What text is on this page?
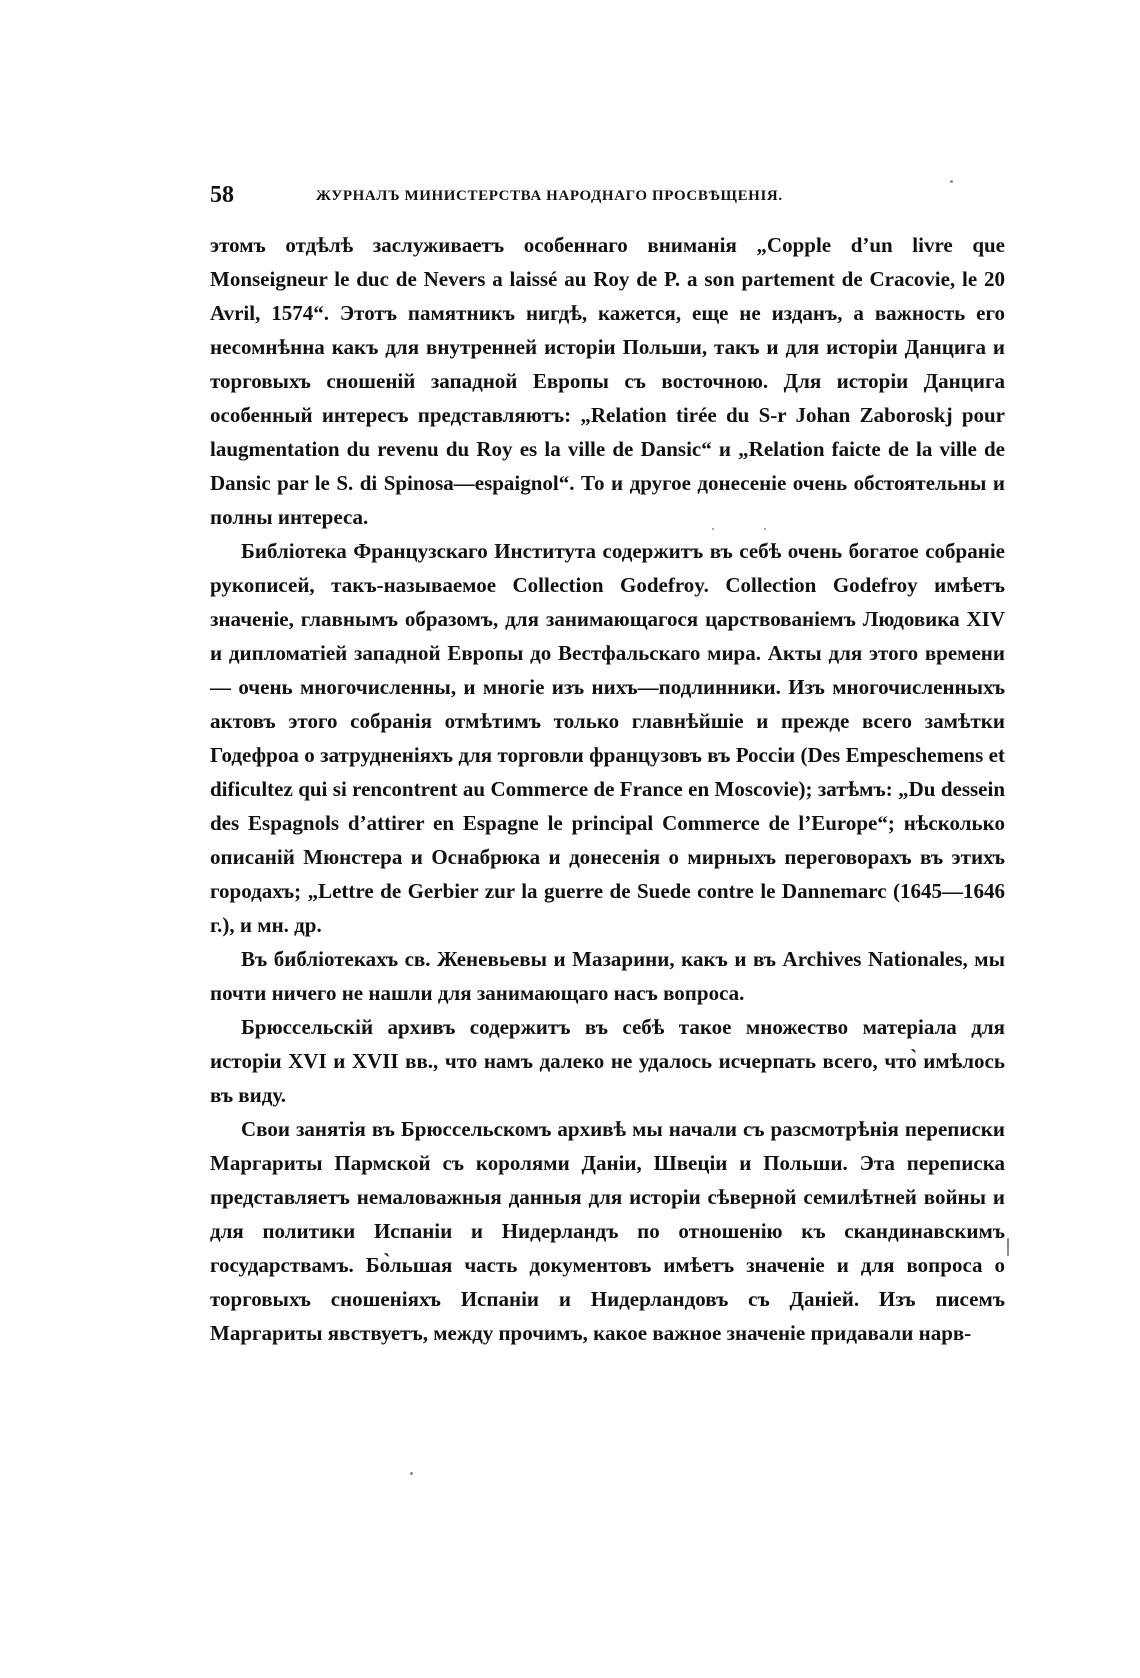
58	ЖУРНАЛЪ МИНИСТЕРСТВА НАРОДНАГО ПРОСВѢЩЕНІЯ.

этомъ отдѣлѣ заслуживаетъ особеннаго вниманія „Copple d’un livre que Monseigneur le duc de Nevers a laissé au Roy de P. a son partement de Cracovie, le 20 Avril, 1574“. Этотъ памятникъ нигдѣ, кажется, еще не изданъ, а важность его несомнѣнна какъ для внутренней исторіи Польши, такъ и для исторіи Данцига и торговыхъ сношеній западной Европы съ восточною. Для исторіи Данцига особенный интересъ представляютъ: „Relation tirée du S-r Johan Zaboroskj pour laugmentation du revenu du Roy es la ville de Dansic“ и „Relation faicte de la ville de Dansic par le S. di Spinosa—espaignol“. То и другое донесеніе очень обстоятельны и полны интереса.

Библіотека Французскаго Института содержитъ въ себѣ очень богатое собраніе рукописей, такъ-называемое Collection Godefroy. Collection Godefroy имѣетъ значеніе, главнымъ образомъ, для занимающагося царствованіемъ Людовика XIV и дипломатіей западной Европы до Вестфальскаго мира. Акты для этого времени — очень многочисленны, и многіе изъ нихъ—подлинники. Изъ многочисленныхъ актовъ этого собранія отмѣтимъ только главнѣйшіе и прежде всего замѣтки Годефроа о затрудненіяхъ для торговли французовъ въ Россіи (Des Empeschemens et dificultez qui si rencontrent au Commerce de France en Moscovie); затѣмъ: „Du dessein des Espagnols d’attirer en Espagne le principal Commerce de l’Europe“; нѣсколько описаній Мюнстера и Оснабрюка и донесенія о мирныхъ переговорахъ въ этихъ городахъ; „Lettre de Gerbier zur la guerre de Suede contre le Dannemarc (1645—1646 г.), и мн. др.

Въ библіотекахъ св. Женевьевы и Мазарини, какъ и въ Archives Nationales, мы почти ничего не нашли для занимающаго насъ вопроса.

Брюссельскій архивъ содержитъ въ себѣ такое множество матеріала для исторіи XVI и XVII вв., что намъ далеко не удалось исчерпать всего, что̀ имѣлось въ виду.

Свои занятія въ Брюссельскомъ архивѣ мы начали съ разсмотрѣнія переписки Маргариты Пармской съ королями Даніи, Швеціи и Польши. Эта переписка представляетъ немаловажныя данныя для исторіи сѣверной семилѣтней войны и для политики Испаніи и Нидерландъ по отношенію къ скандинавскимъ государствамъ. Бо̀льшая часть документовъ имѣетъ значеніе и для вопроса о торговыхъ сношеніяхъ Испаніи и Нидерландовъ съ Даніей. Изъ писемъ Маргариты явствуетъ, между прочимъ, какое важное значеніе придавали нарв-
